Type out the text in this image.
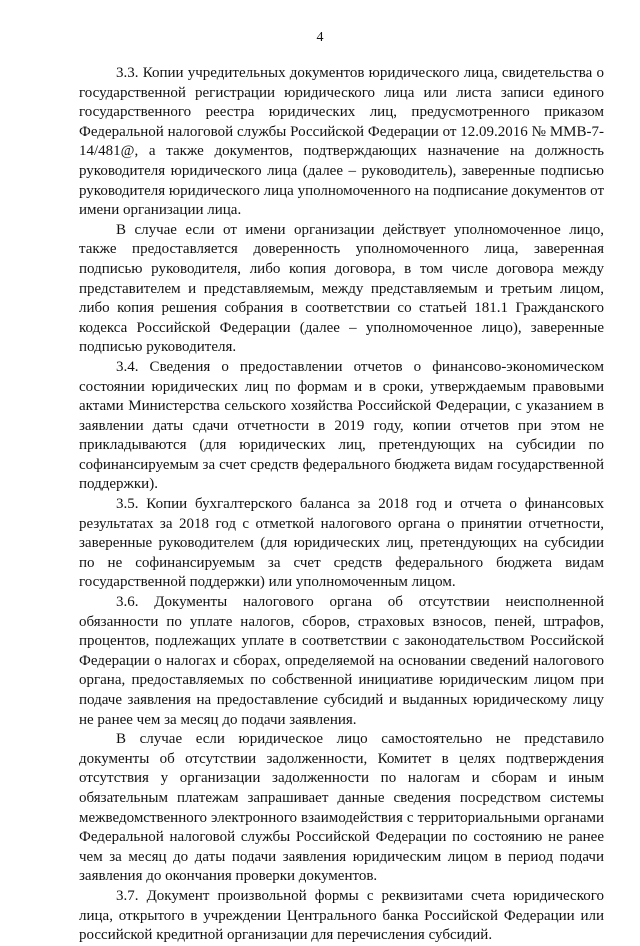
4

3.3. Копии учредительных документов юридического лица, свидетельства о государственной регистрации юридического лица или листа записи единого государственного реестра юридических лиц, предусмотренного приказом Федеральной налоговой службы Российской Федерации от 12.09.2016 № ММВ-7-14/481@, а также документов, подтверждающих назначение на должность руководителя юридического лица (далее – руководитель), заверенные подписью руководителя юридического лица уполномоченного на подписание документов от имени организации лица.

В случае если от имени организации действует уполномоченное лицо, также предоставляется доверенность уполномоченного лица, заверенная подписью руководителя, либо копия договора, в том числе договора между представителем и представляемым, между представляемым и третьим лицом, либо копия решения собрания в соответствии со статьей 181.1 Гражданского кодекса Российской Федерации (далее – уполномоченное лицо), заверенные подписью руководителя.

3.4. Сведения о предоставлении отчетов о финансово-экономическом состоянии юридических лиц по формам и в сроки, утверждаемым правовыми актами Министерства сельского хозяйства Российской Федерации, с указанием в заявлении даты сдачи отчетности в 2019 году, копии отчетов при этом не прикладываются (для юридических лиц, претендующих на субсидии по софинансируемым за счет средств федерального бюджета видам государственной поддержки).

3.5. Копии бухгалтерского баланса за 2018 год и отчета о финансовых результатах за 2018 год с отметкой налогового органа о принятии отчетности, заверенные руководителем (для юридических лиц, претендующих на субсидии по не софинансируемым за счет средств федерального бюджета видам государственной поддержки) или уполномоченным лицом.

3.6. Документы налогового органа об отсутствии неисполненной обязанности по уплате налогов, сборов, страховых взносов, пеней, штрафов, процентов, подлежащих уплате в соответствии с законодательством Российской Федерации о налогах и сборах, определяемой на основании сведений налогового органа, предоставляемых по собственной инициативе юридическим лицом при подаче заявления на предоставление субсидий и выданных юридическому лицу не ранее чем за месяц до подачи заявления.

В случае если юридическое лицо самостоятельно не представило документы об отсутствии задолженности, Комитет в целях подтверждения отсутствия у организации задолженности по налогам и сборам и иным обязательным платежам запрашивает данные сведения посредством системы межведомственного электронного взаимодействия с территориальными органами Федеральной налоговой службы Российской Федерации по состоянию не ранее чем за месяц до даты подачи заявления юридическим лицом в период подачи заявления до окончания проверки документов.

3.7. Документ произвольной формы с реквизитами счета юридического лица, открытого в учреждении Центрального банка Российской Федерации или российской кредитной организации для перечисления субсидий.
